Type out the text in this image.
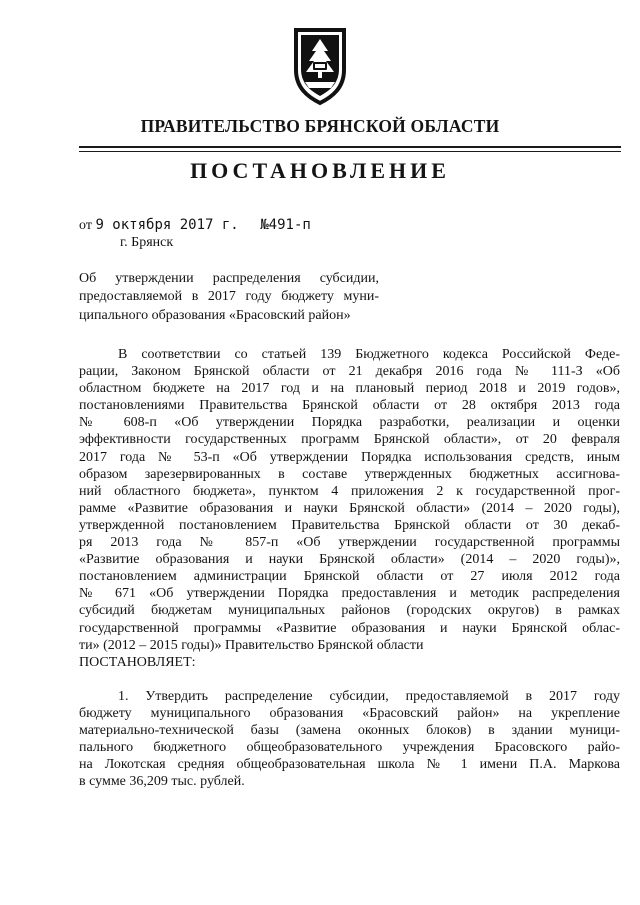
ПРАВИТЕЛЬСТВО БРЯНСКОЙ ОБЛАСТИ
ПОСТАНОВЛЕНИЕ
от 9 октября 2017 г. №491-п
г. Брянск
Об утверждении распределения субсидии,
предоставляемой в 2017 году бюджету муни-
ципального образования «Брасовский район»
В соответствии со статьей 139 Бюджетного кодекса Российской Феде-
рации, Законом Брянской области от 21 декабря 2016 года № 111-З «Об
областном бюджете на 2017 год и на плановый период 2018 и 2019 годов»,
постановлениями Правительства Брянской области от 28 октября 2013 года
№ 608-п «Об утверждении Порядка разработки, реализации и оценки
эффективности государственных программ Брянской области», от 20 февраля
2017 года № 53-п «Об утверждении Порядка использования средств, иным
образом зарезервированных в составе утвержденных бюджетных ассигнова-
ний областного бюджета», пунктом 4 приложения 2 к государственной прог-
рамме «Развитие образования и науки Брянской области» (2014 – 2020 годы),
утвержденной постановлением Правительства Брянской области от 30 декаб-
ря 2013 года № 857-п «Об утверждении государственной программы
«Развитие образования и науки Брянской области» (2014 – 2020 годы)»,
постановлением администрации Брянской области от 27 июля 2012 года
№ 671 «Об утверждении Порядка предоставления и методик распределения
субсидий бюджетам муниципальных районов (городских округов) в рамках
государственной программы «Развитие образования и науки Брянской облас-
ти» (2012 – 2015 годы)» Правительство Брянской области
ПОСТАНОВЛЯЕТ:
1. Утвердить распределение субсидии, предоставляемой в 2017 году
бюджету муниципального образования «Брасовский район» на укрепление
материально-технической базы (замена оконных блоков) в здании муници-
пального бюджетного общеобразовательного учреждения Брасовского райо-
на Локотская средняя общеобразовательная школа № 1 имени П.А. Маркова
в сумме 36,209 тыс. рублей.
